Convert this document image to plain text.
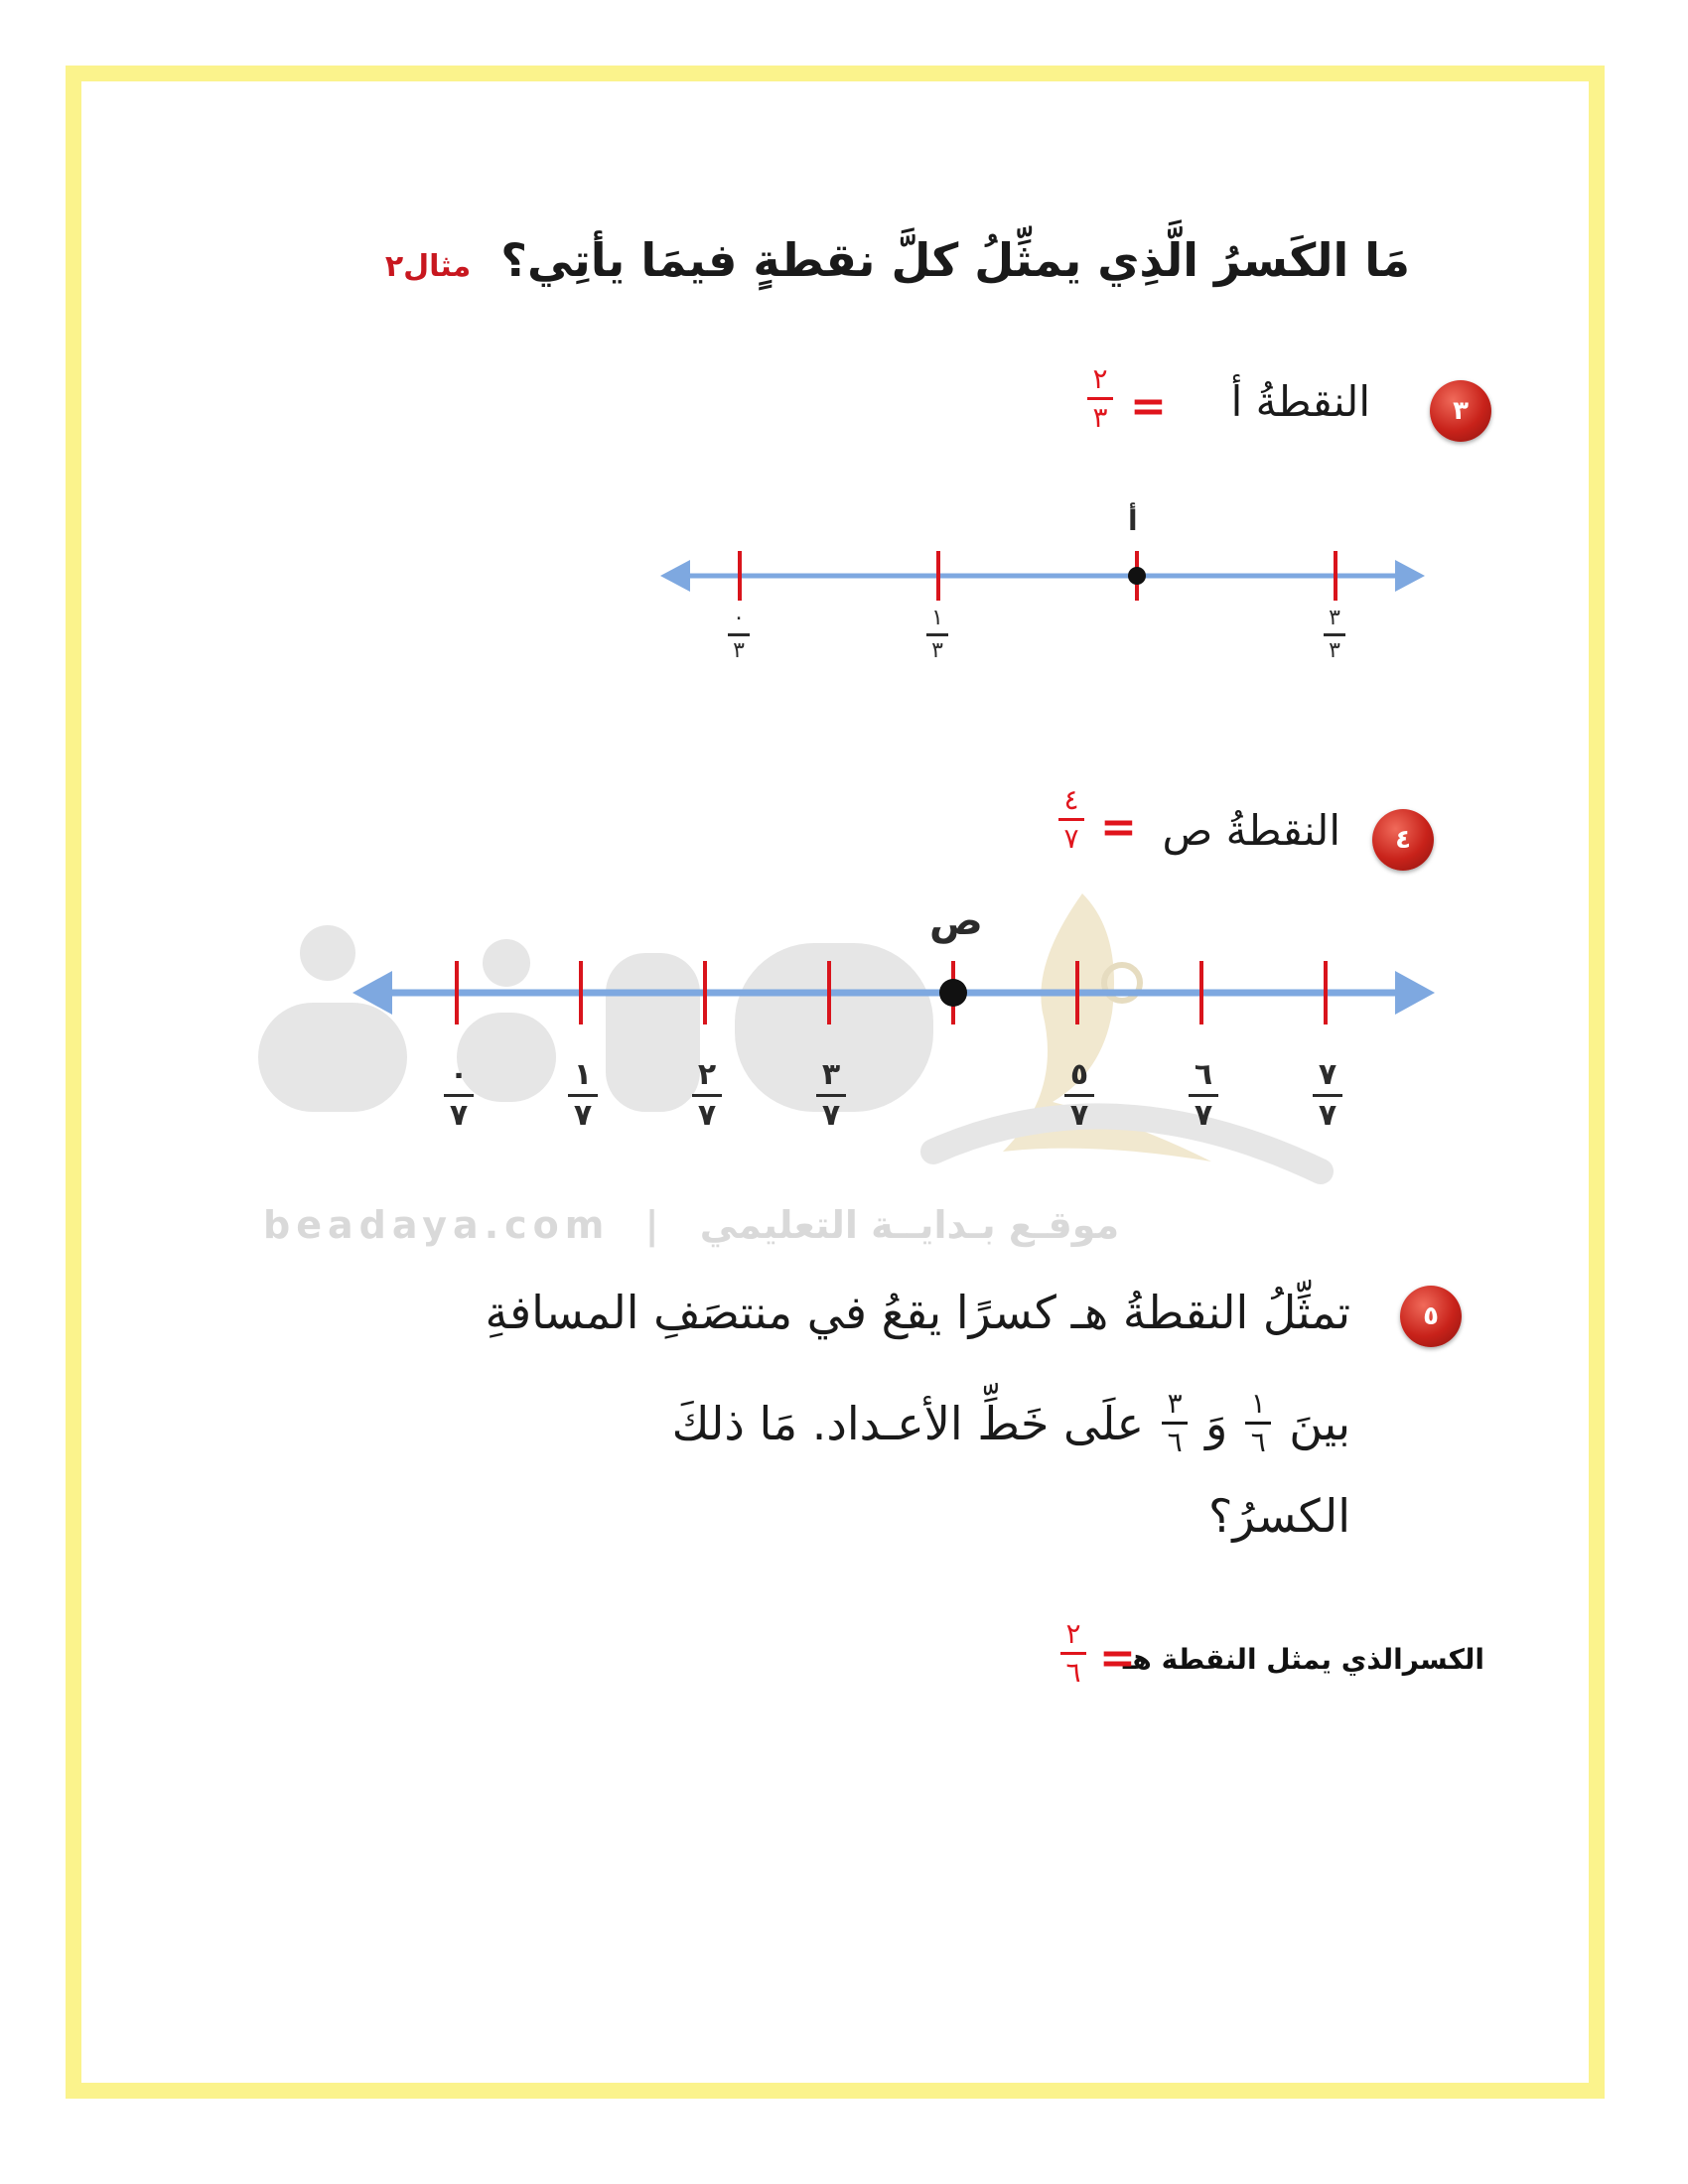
beadaya.com | موقـع بـدايــة التعليمي
مَا الكَسرُ الَّذِي يمثِّلُ كلَّ نقطةٍ فيمَا يأتِي؟ مثال٢
٣
النقطةُ أ
=
٢
٣
أ
٠
٣
١
٣
٣
٣
٤
النقطةُ ص
=
٤
٧
ص
٠
٧
١
٧
٢
٧
٣
٧
٥
٧
٦
٧
٧
٧
٥
تمثِّلُ النقطةُ هـ كسرًا يقعُ في منتصَفِ المسافةِ
بينَ
$\frac{١}{٦}$
وَ
$\frac{٣}{٦}$
علَى خَطِّ الأعـداد. مَا ذلكَ
الكسرُ؟
الكسرالذي يمثل النقطة هـ
=
٢
٦
